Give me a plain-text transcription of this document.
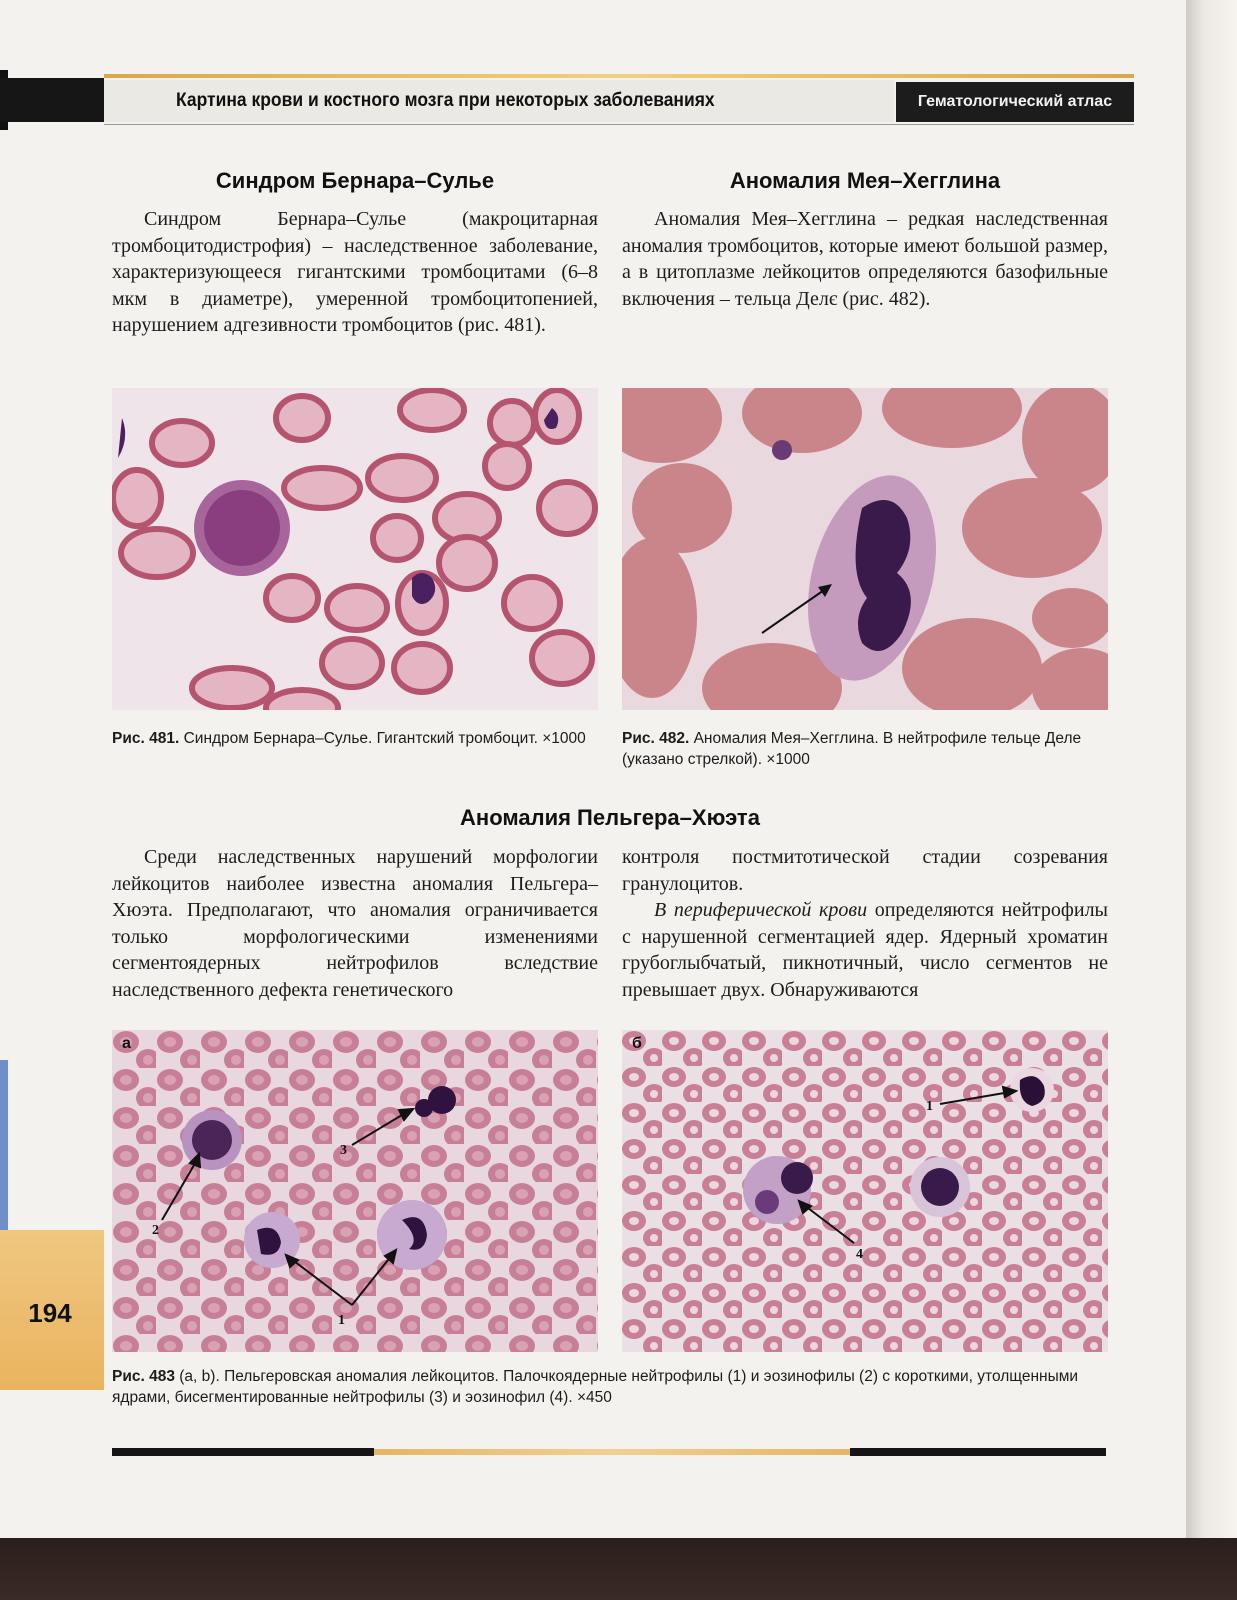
Картина крови и костного мозга при некоторых заболеваниях	Гематологический атлас
Синдром Бернара–Сулье

Синдром Бернара–Сулье (макроцитарная тромбоцитодистрофия) – наследственное заболевание, характеризующееся гигантскими тромбоцитами (6–8 мкм в диаметре), умеренной тромбоцитопенией, нарушением адгезивности тромбоцитов (рис. 481).

Аномалия Мея–Хегглина

Аномалия Мея–Хегглина – редкая наследственная аномалия тромбоцитов, которые имеют большой размер, а в цитоплазме лейкоцитов определяются базофильные включения – тельца Делє (рис. 482).

Рис. 481. Синдром Бернара–Сулье. Гигантский тромбоцит. ×1000	Рис. 482. Аномалия Мея–Хегглина. В нейтрофиле тельце Деле (указано стрелкой). ×1000
Аномалия Пельгера–Хюэта

Среди наследственных нарушений морфологии лейкоцитов наиболее известна аномалия Пельгера–Хюэта. Предполагают, что аномалия ограничивается только морфологическими изменениями сегментоядерных нейтрофилов вследствие наследственного дефекта генетического

контроля постмитотической стадии созревания гранулоцитов.

В периферической крови определяются нейтрофилы с нарушенной сегментацией ядер. Ядерный хроматин грубоглыбчатый, пикнотичный, число сегментов не превышает двух. Обнаруживаются

а
2
3
1
б
1
4
Рис. 483 (a, b). Пельгеровская аномалия лейкоцитов. Палочкоядерные нейтрофилы (1) и эозинофилы (2) с короткими, утолщенными ядрами, бисегментированные нейтрофилы (3) и эозинофил (4). ×450
194
